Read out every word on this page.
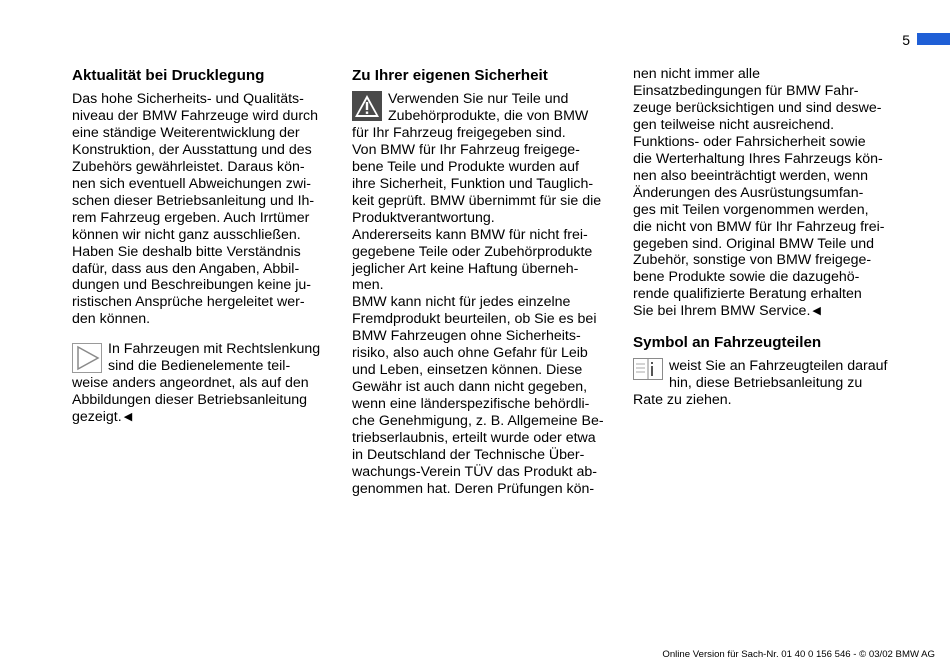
5
Aktualität bei Drucklegung
Das hohe Sicherheits- und Qualitäts-
niveau der BMW Fahrzeuge wird durch
eine ständige Weiterentwicklung der
Konstruktion, der Ausstattung und des
Zubehörs gewährleistet. Daraus kön-
nen sich eventuell Abweichungen zwi-
schen dieser Betriebsanleitung und Ih-
rem Fahrzeug ergeben. Auch Irrtümer
können wir nicht ganz ausschließen.
Haben Sie deshalb bitte Verständnis
dafür, dass aus den Angaben, Abbil-
dungen und Beschreibungen keine ju-
ristischen Ansprüche hergeleitet wer-
den können.
In Fahrzeugen mit Rechtslenkung
sind die Bedienelemente teil-
weise anders angeordnet, als auf den
Abbildungen dieser Betriebsanleitung
gezeigt. ◀
Zu Ihrer eigenen Sicherheit
Verwenden Sie nur Teile und
Zubehörprodukte, die von BMW
für Ihr Fahrzeug freigegeben sind.
Von BMW für Ihr Fahrzeug freigege-
bene Teile und Produkte wurden auf
ihre Sicherheit, Funktion und Tauglich-
keit geprüft. BMW übernimmt für sie die
Produktverantwortung.
Andererseits kann BMW für nicht frei-
gegebene Teile oder Zubehörprodukte
jeglicher Art keine Haftung überneh-
men.
BMW kann nicht für jedes einzelne
Fremdprodukt beurteilen, ob Sie es bei
BMW Fahrzeugen ohne Sicherheits-
risiko, also auch ohne Gefahr für Leib
und Leben, einsetzen können. Diese
Gewähr ist auch dann nicht gegeben,
wenn eine länderspezifische behördli-
che Genehmigung, z. B. Allgemeine Be-
triebserlaubnis, erteilt wurde oder etwa
in Deutschland der Technische Über-
wachungs-Verein TÜV das Produkt ab-
genommen hat. Deren Prüfungen kön-
nen nicht immer alle
Einsatzbedingungen für BMW Fahr-
zeuge berücksichtigen und sind deswe-
gen teilweise nicht ausreichend.
Funktions- oder Fahrsicherheit sowie
die Werterhaltung Ihres Fahrzeugs kön-
nen also beeinträchtigt werden, wenn
Änderungen des Ausrüstungsumfan-
ges mit Teilen vorgenommen werden,
die nicht von BMW für Ihr Fahrzeug frei-
gegeben sind. Original BMW Teile und
Zubehör, sonstige von BMW freigege-
bene Produkte sowie die dazugehö-
rende qualifizierte Beratung erhalten
Sie bei Ihrem BMW Service. ◀
Symbol an Fahrzeugteilen
weist Sie an Fahrzeugteilen darauf
hin, diese Betriebsanleitung zu
Rate zu ziehen.
Online Version für Sach-Nr. 01 40 0 156 546 - © 03/02 BMW AG
